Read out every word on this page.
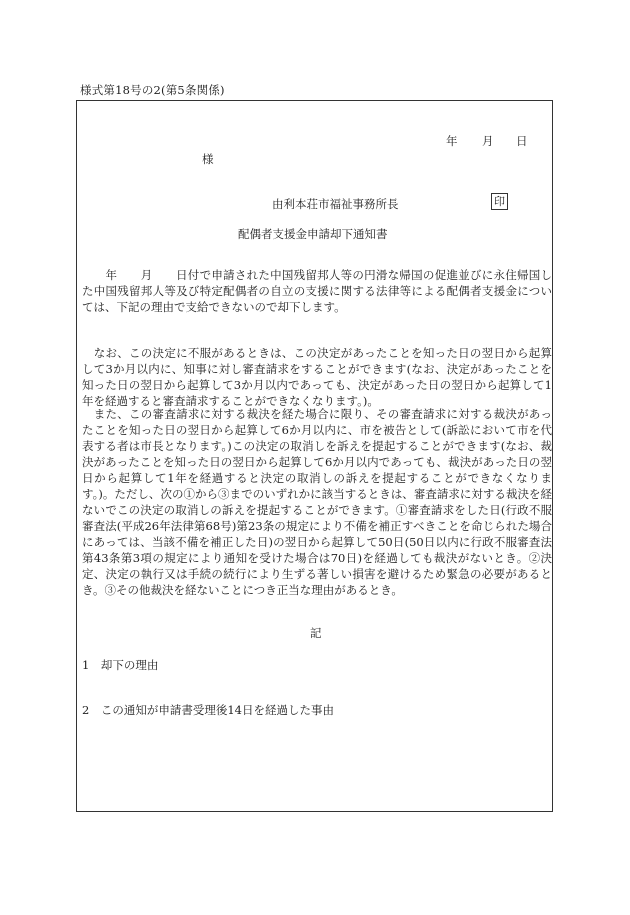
様式第18号の2(第5条関係)
年 月 日
様
由利本荘市福祉事務所長	印
配偶者支援金申請却下通知書
　　年　　月　　日付で申請された中国残留邦人等の円滑な帰国の促進並びに永住帰国した中国残留邦人等及び特定配偶者の自立の支援に関する法律等による配偶者支援金については、下記の理由で支給できないので却下します。
　なお、この決定に不服があるときは、この決定があったことを知った日の翌日から起算して3か月以内に、知事に対し審査請求をすることができます(なお、決定があったことを知った日の翌日から起算して3か月以内であっても、決定があった日の翌日から起算して1年を経過すると審査請求することができなくなります。)。
　また、この審査請求に対する裁決を経た場合に限り、その審査請求に対する裁決があったことを知った日の翌日から起算して6か月以内に、市を被告として(訴訟において市を代表する者は市長となります。)この決定の取消しを訴えを提起することができます(なお、裁決があったことを知った日の翌日から起算して6か月以内であっても、裁決があった日の翌日から起算して1年を経過すると決定の取消しの訴えを提起することができなくなります。)。ただし、次の①から③までのいずれかに該当するときは、審査請求に対する裁決を経ないでこの決定の取消しの訴えを提起することができます。①審査請求をした日(行政不服審査法(平成26年法律第68号)第23条の規定により不備を補正すべきことを命じられた場合にあっては、当該不備を補正した日)の翌日から起算して50日(50日以内に行政不服審査法第43条第3項の規定により通知を受けた場合は70日)を経過しても裁決がないとき。②決定、決定の執行又は手続の続行により生ずる著しい損害を避けるため緊急の必要があるとき。③その他裁決を経ないことにつき正当な理由があるとき。
記
1　却下の理由
2　この通知が申請書受理後14日を経過した事由
